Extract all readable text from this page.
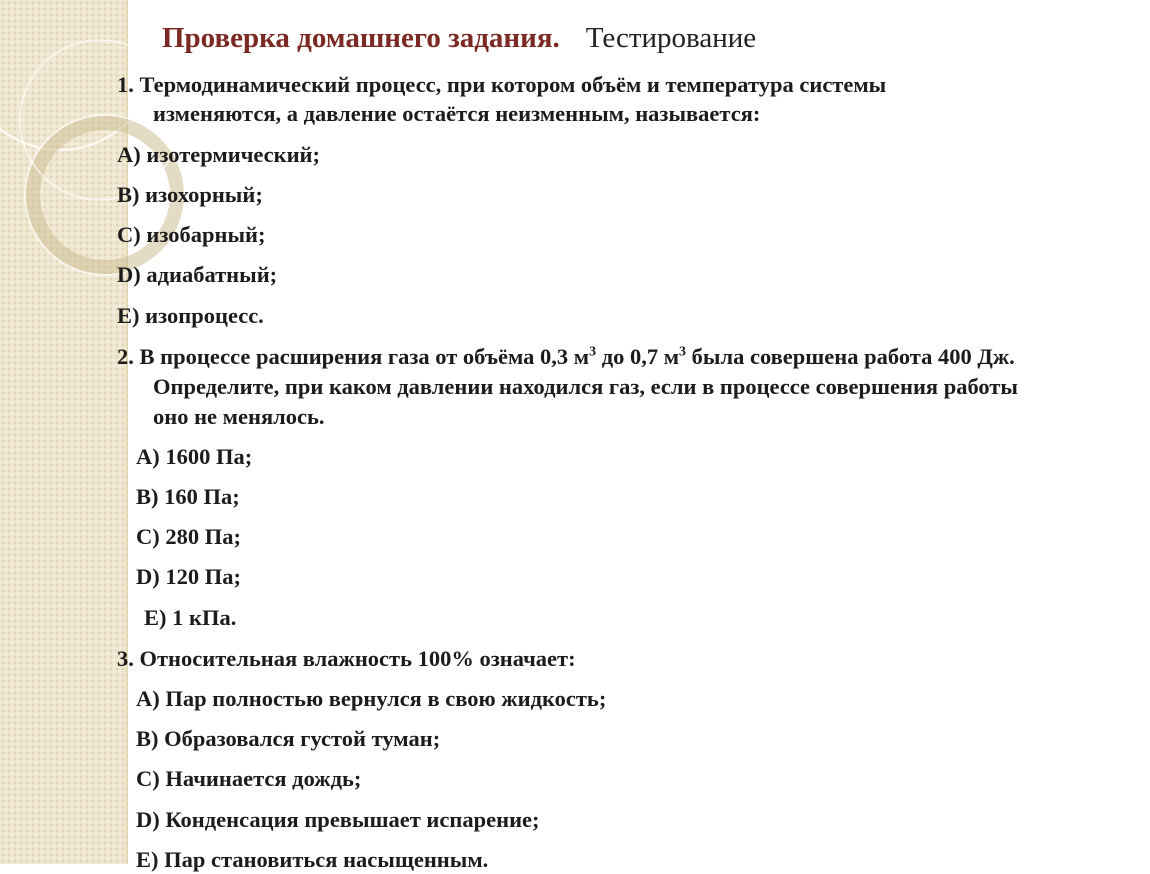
Проверка домашнего задания. Тестирование
1. Термодинамический процесс, при котором объём и температура системы
изменяются, а давление остаётся неизменным, называется:
А) изотермический;
В) изохорный;
С) изобарный;
D) адиабатный;
Е) изопроцесс.
2. В процессе расширения газа от объёма 0,3 $м^3$ до 0,7 $м^3$ была совершена работа 400 Дж.
Определите, при каком давлении находился газ, если в процессе совершения работы
оно не менялось.
А) 1600 Па;
В) 160 Па;
С) 280 Па;
D) 120 Па;
Е) 1 кПа.
3. Относительная влажность 100% означает:
А) Пар полностью вернулся в свою жидкость;
В) Образовался густой туман;
С) Начинается дождь;
D) Конденсация превышает испарение;
Е) Пар становиться насыщенным.
